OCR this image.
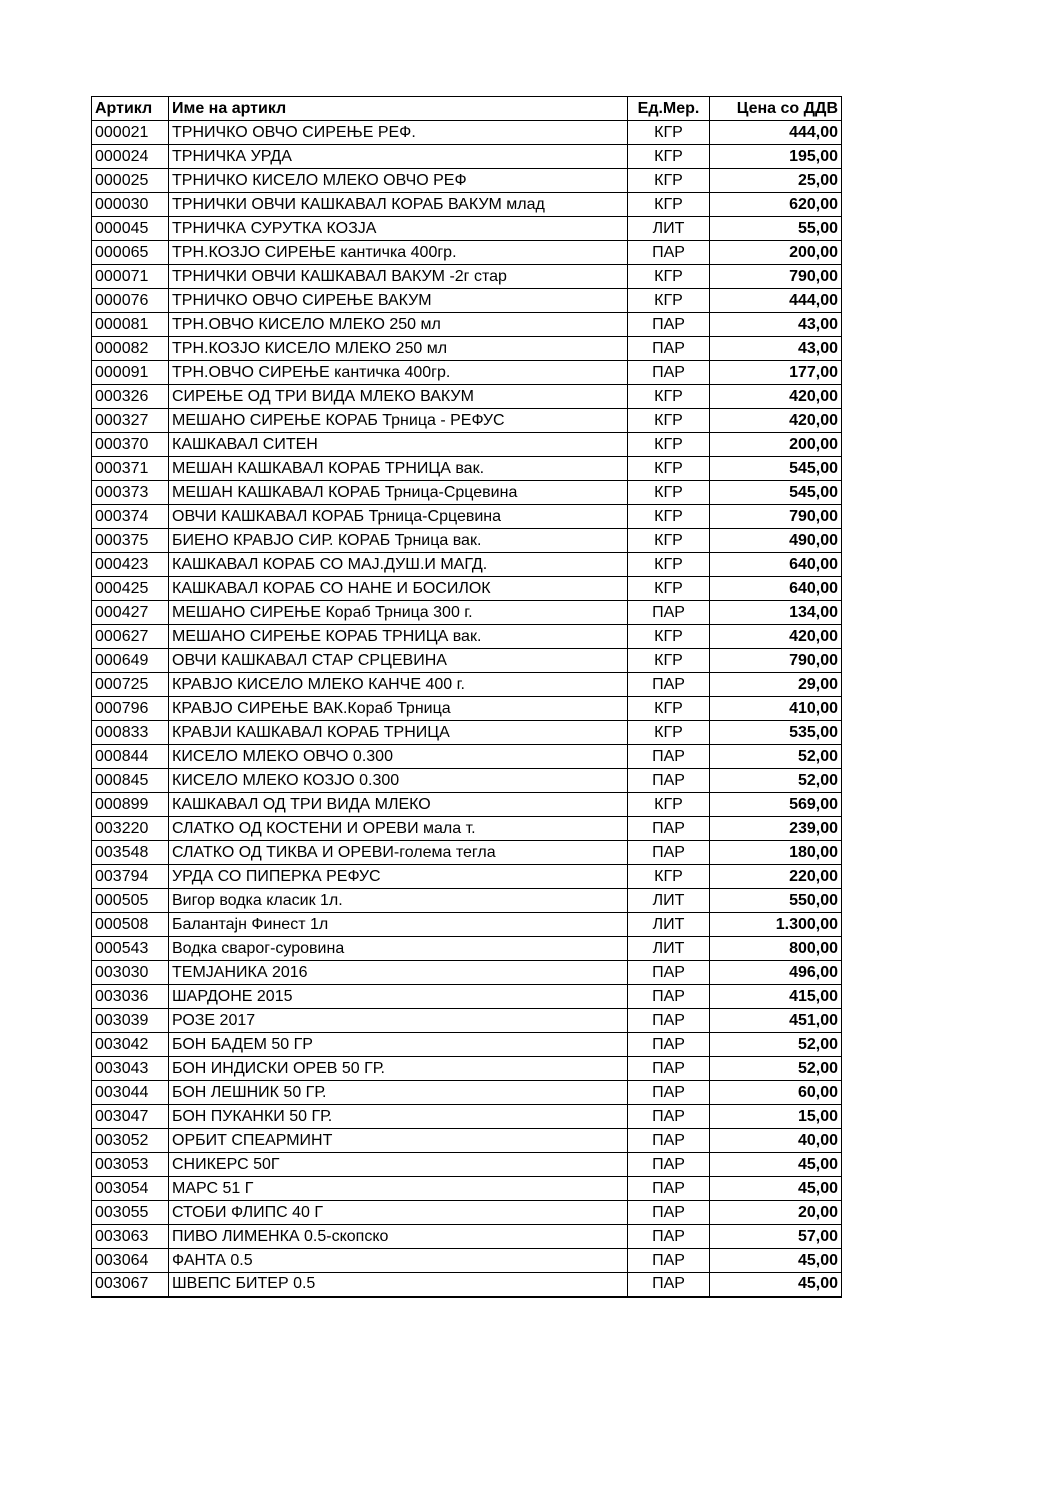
Артикл	Име на артикл	Ед.Мер.	Цена со ДДВ
000021	ТРНИЧКО ОВЧО СИРЕЊЕ РЕФ.	КГР	444,00
000024	ТРНИЧКА УРДА	КГР	195,00
000025	ТРНИЧКО КИСЕЛО МЛЕКО ОВЧО РЕФ	КГР	25,00
000030	ТРНИЧКИ ОВЧИ КАШКАВАЛ КОРАБ ВАКУМ млад	КГР	620,00
000045	ТРНИЧКА СУРУТКА КОЗЈА	ЛИТ	55,00
000065	ТРН.КОЗЈО СИРЕЊЕ кантичка 400гр.	ПАР	200,00
000071	ТРНИЧКИ ОВЧИ КАШКАВАЛ ВАКУМ -2г стар	КГР	790,00
000076	ТРНИЧКО ОВЧО СИРЕЊЕ ВАКУМ	КГР	444,00
000081	ТРН.ОВЧО КИСЕЛО МЛЕКО 250 мл	ПАР	43,00
000082	ТРН.КОЗЈО КИСЕЛО МЛЕКО 250 мл	ПАР	43,00
000091	ТРН.ОВЧО СИРЕЊЕ кантичка 400гр.	ПАР	177,00
000326	СИРЕЊЕ ОД ТРИ ВИДА МЛЕКО ВАКУМ	КГР	420,00
000327	МЕШАНО СИРЕЊЕ КОРАБ Трница - РЕФУС	КГР	420,00
000370	КАШКАВАЛ СИТЕН	КГР	200,00
000371	МЕШАН КАШКАВАЛ КОРАБ ТРНИЦА вак.	КГР	545,00
000373	МЕШАН КАШКАВАЛ КОРАБ Трница-Срцевина	КГР	545,00
000374	ОВЧИ КАШКАВАЛ КОРАБ Трница-Срцевина	КГР	790,00
000375	БИЕНО КРАВЈО СИР. КОРАБ Трница вак.	КГР	490,00
000423	КАШКАВАЛ КОРАБ СО МАЈ.ДУШ.И МАГД.	КГР	640,00
000425	КАШКАВАЛ КОРАБ СО НАНЕ И БОСИЛОК	КГР	640,00
000427	МЕШАНО СИРЕЊЕ Кораб Трница 300 г.	ПАР	134,00
000627	МЕШАНО СИРЕЊЕ КОРАБ ТРНИЦА вак.	КГР	420,00
000649	ОВЧИ КАШКАВАЛ СТАР СРЦЕВИНА	КГР	790,00
000725	КРАВЈО КИСЕЛО МЛЕКО КАНЧЕ 400 г.	ПАР	29,00
000796	КРАВЈО СИРЕЊЕ ВАК.Кораб Трница	КГР	410,00
000833	КРАВЈИ КАШКАВАЛ КОРАБ ТРНИЦА	КГР	535,00
000844	КИСЕЛО МЛЕКО ОВЧО 0.300	ПАР	52,00
000845	КИСЕЛО МЛЕКО КОЗЈО 0.300	ПАР	52,00
000899	КАШКАВАЛ ОД ТРИ ВИДА МЛЕКО	КГР	569,00
003220	СЛАТКО ОД КОСТЕНИ И ОРЕВИ мала т.	ПАР	239,00
003548	СЛАТКО ОД ТИКВА И ОРЕВИ-голема тегла	ПАР	180,00
003794	УРДА СО ПИПЕРКА РЕФУС	КГР	220,00
000505	Вигор водка класик 1л.	ЛИТ	550,00
000508	Балантајн Финест 1л	ЛИТ	1.300,00
000543	Водка сварог-суровина	ЛИТ	800,00
003030	ТЕМЈАНИКА 2016	ПАР	496,00
003036	ШАРДОНЕ 2015	ПАР	415,00
003039	РОЗЕ 2017	ПАР	451,00
003042	БОН БАДЕМ 50 ГР	ПАР	52,00
003043	БОН ИНДИСКИ ОРЕВ 50 ГР.	ПАР	52,00
003044	БОН ЛЕШНИК 50 ГР.	ПАР	60,00
003047	БОН ПУКАНКИ 50 ГР.	ПАР	15,00
003052	ОРБИТ СПЕАРМИНТ	ПАР	40,00
003053	СНИКЕРС 50Г	ПАР	45,00
003054	МАРС 51 Г	ПАР	45,00
003055	СТОБИ ФЛИПС 40 Г	ПАР	20,00
003063	ПИВО ЛИМЕНКА 0.5-скопско	ПАР	57,00
003064	ФАНТА 0.5	ПАР	45,00
003067	ШВЕПС БИТЕР 0.5	ПАР	45,00
